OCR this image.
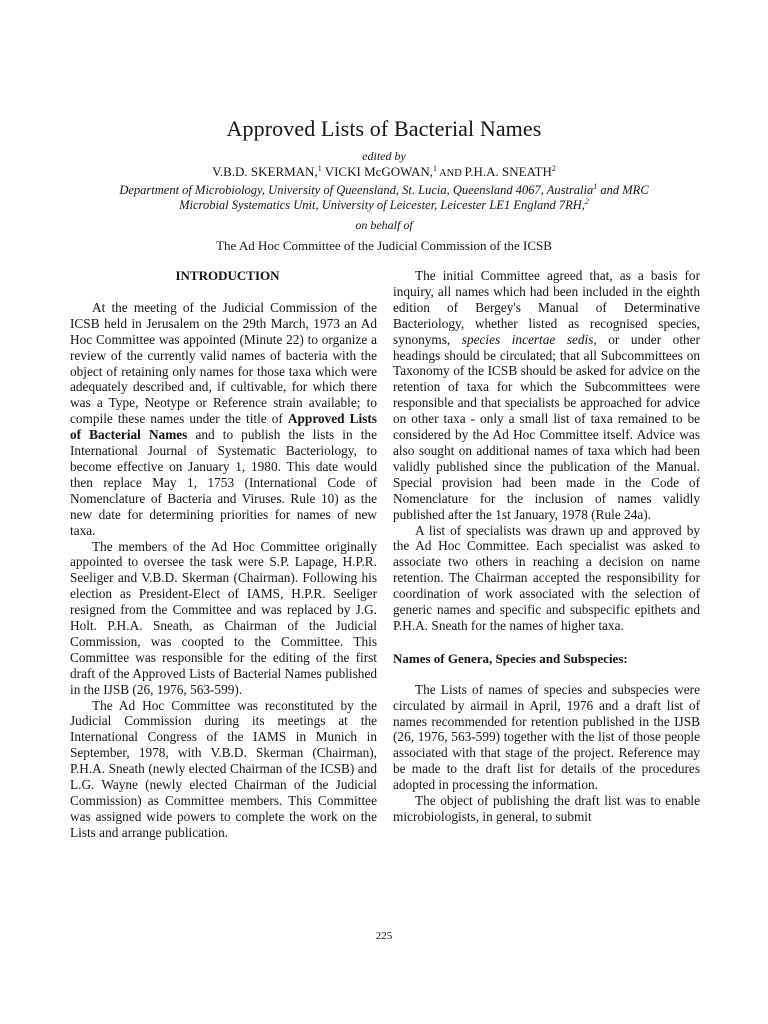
Approved Lists of Bacterial Names
edited by
V.B.D. SKERMAN,$^1$ VICKI McGOWAN,$^1$ AND P.H.A. SNEATH$^2$
Department of Microbiology, University of Queensland, St. Lucia, Queensland 4067, Australia$^1$ and MRC
Microbial Systematics Unit, University of Leicester, Leicester LE1 England 7RH,$^2$
on behalf of
The Ad Hoc Committee of the Judicial Commission of the ICSB
INTRODUCTION

At the meeting of the Judicial Commission of the ICSB held in Jerusalem on the 29th March, 1973 an Ad Hoc Committee was appointed (Minute 22) to organize a review of the currently valid names of bacteria with the object of retaining only names for those taxa which were adequately described and, if cultivable, for which there was a Type, Neotype or Reference strain available; to compile these names under the title of Approved Lists of Bacterial Names and to publish the lists in the International Journal of Systematic Bacteriology, to become effective on January 1, 1980. This date would then replace May 1, 1753 (International Code of Nomenclature of Bacteria and Viruses. Rule 10) as the new date for determining priorities for names of new taxa.

The members of the Ad Hoc Committee originally appointed to oversee the task were S.P. Lapage, H.P.R. Seeliger and V.B.D. Skerman (Chairman). Following his election as President-Elect of IAMS, H.P.R. Seeliger resigned from the Committee and was replaced by J.G. Holt. P.H.A. Sneath, as Chairman of the Judicial Commission, was coopted to the Committee. This Committee was responsible for the editing of the first draft of the Approved Lists of Bacterial Names published in the IJSB (26, 1976, 563-599).

The Ad Hoc Committee was reconstituted by the Judicial Commission during its meetings at the International Congress of the IAMS in Munich in September, 1978, with V.B.D. Skerman (Chairman), P.H.A. Sneath (newly elected Chairman of the ICSB) and L.G. Wayne (newly elected Chairman of the Judicial Commission) as Committee members. This Committee was assigned wide powers to complete the work on the Lists and arrange publication.

The initial Committee agreed that, as a basis for inquiry, all names which had been included in the eighth edition of Bergey's Manual of Determinative Bacteriology, whether listed as recognised species, synonyms, species incertae sedis, or under other headings should be circulated; that all Subcommittees on Taxonomy of the ICSB should be asked for advice on the retention of taxa for which the Subcommittees were responsible and that specialists be approached for advice on other taxa - only a small list of taxa remained to be considered by the Ad Hoc Committee itself. Advice was also sought on additional names of taxa which had been validly published since the publication of the Manual. Special provision had been made in the Code of Nomenclature for the inclusion of names validly published after the 1st January, 1978 (Rule 24a).

A list of specialists was drawn up and approved by the Ad Hoc Committee. Each specialist was asked to associate two others in reaching a decision on name retention. The Chairman accepted the responsibility for coordination of work associated with the selection of generic names and specific and subspecific epithets and P.H.A. Sneath for the names of higher taxa.

Names of Genera, Species and Subspecies:

The Lists of names of species and subspecies were circulated by airmail in April, 1976 and a draft list of names recommended for retention published in the IJSB (26, 1976, 563-599) together with the list of those people associated with that stage of the project. Reference may be made to the draft list for details of the procedures adopted in processing the information.

The object of publishing the draft list was to enable microbiologists, in general, to submit

225
